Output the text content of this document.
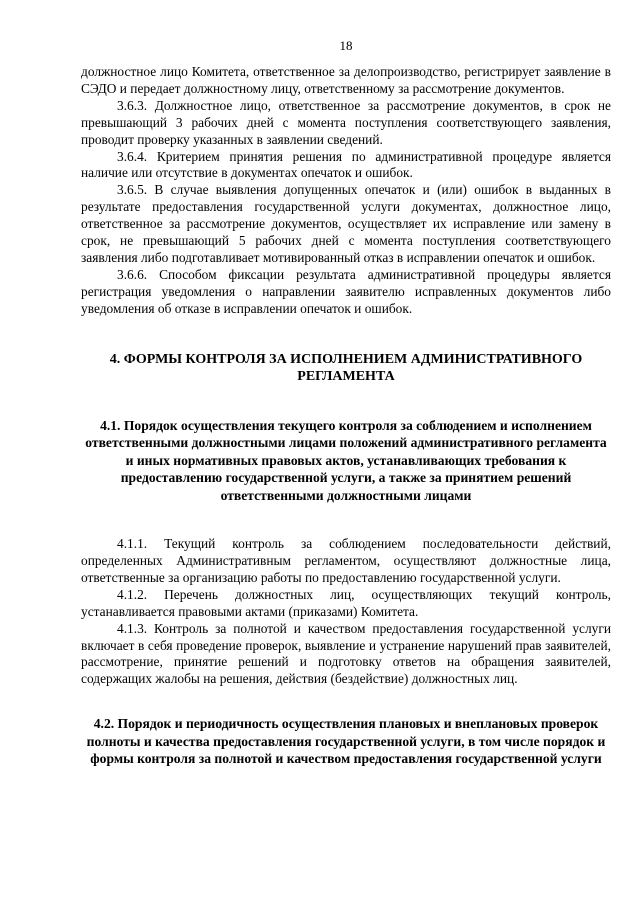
18

должностное лицо Комитета, ответственное за делопроизводство, регистрирует заявление в СЭДО и передает должностному лицу, ответственному за рассмотрение документов.

3.6.3. Должностное лицо, ответственное за рассмотрение документов, в срок не превышающий 3 рабочих дней с момента поступления соответствующего заявления, проводит проверку указанных в заявлении сведений.

3.6.4. Критерием принятия решения по административной процедуре является наличие или отсутствие в документах опечаток и ошибок.

3.6.5. В случае выявления допущенных опечаток и (или) ошибок в выданных в результате предоставления государственной услуги документах, должностное лицо, ответственное за рассмотрение документов, осуществляет их исправление или замену в срок, не превышающий 5 рабочих дней с момента поступления соответствующего заявления либо подготавливает мотивированный отказ в исправлении опечаток и ошибок.

3.6.6. Способом фиксации результата административной процедуры является регистрация уведомления о направлении заявителю исправленных документов либо уведомления об отказе в исправлении опечаток и ошибок.

4. ФОРМЫ КОНТРОЛЯ ЗА ИСПОЛНЕНИЕМ АДМИНИСТРАТИВНОГО РЕГЛАМЕНТА
4.1. Порядок осуществления текущего контроля за соблюдением и исполнением ответственными должностными лицами положений административного регламента и иных нормативных правовых актов, устанавливающих требования к предоставлению государственной услуги, а также за принятием решений ответственными должностными лицами

4.1.1. Текущий контроль за соблюдением последовательности действий, определенных Административным регламентом, осуществляют должностные лица, ответственные за организацию работы по предоставлению государственной услуги.

4.1.2. Перечень должностных лиц, осуществляющих текущий контроль, устанавливается правовыми актами (приказами) Комитета.

4.1.3. Контроль за полнотой и качеством предоставления государственной услуги включает в себя проведение проверок, выявление и устранение нарушений прав заявителей, рассмотрение, принятие решений и подготовку ответов на обращения заявителей, содержащих жалобы на решения, действия (бездействие) должностных лиц.

4.2. Порядок и периодичность осуществления плановых и внеплановых проверок полноты и качества предоставления государственной услуги, в том числе порядок и формы контроля за полнотой и качеством предоставления государственной услуги
